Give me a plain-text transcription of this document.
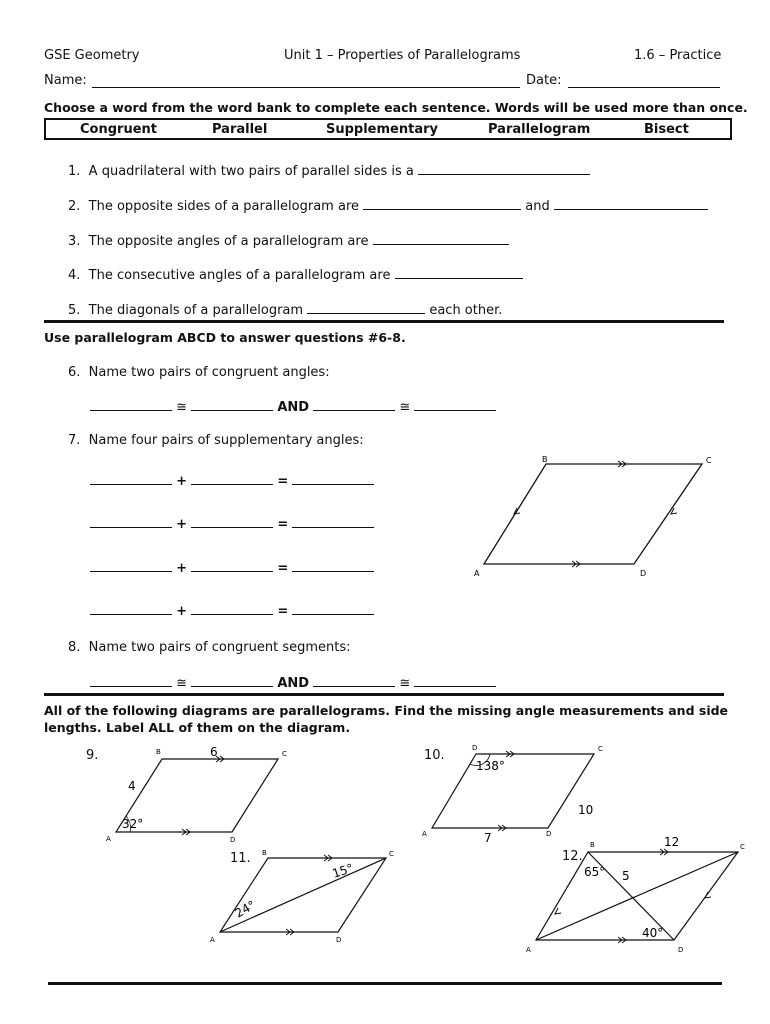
GSE Geometry	Unit 1 – Properties of Parallelograms	1.6 – Practice
Name:	Date:
Choose a word from the word bank to complete each sentence. Words will be used more than once.
Congruent	Parallel	Supplementary	Parallelogram	Bisect
1. A quadrilateral with two pairs of parallel sides is a
2. The opposite sides of a parallelogram are	and
3. The opposite angles of a parallelogram are
4. The consecutive angles of a parallelogram are
5. The diagonals of a parallelogram	each other.
Use parallelogram ABCD to answer questions #6-8.
6. Name two pairs of congruent angles:
≅	AND	≅
7. Name four pairs of supplementary angles:
+	=
+	=
+	=
+	=
B	C
A	D
8. Name two pairs of congruent segments:
≅	AND	≅
All of the following diagrams are parallelograms. Find the missing angle measurements and side
lengths. Label ALL of them on the diagram.
9.	B	C
A	D
6
4
32°
10.	D	C
A	D
138°
10
7
11. B	C
A	D
15°
24°
12.
B	C
A	D
12
65° 5
40°
